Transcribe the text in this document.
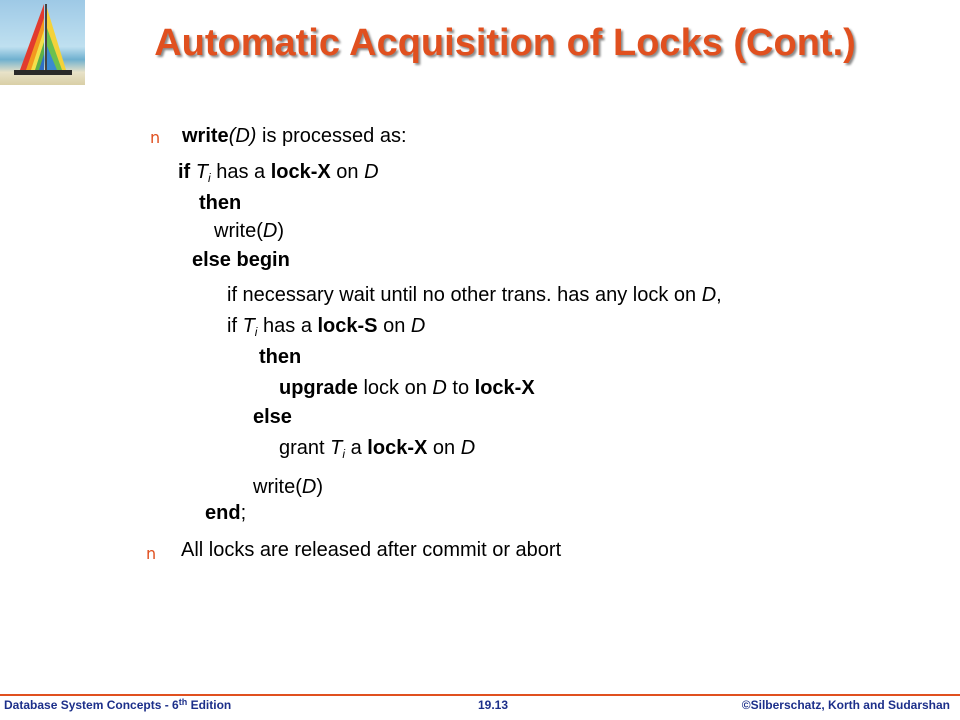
Automatic Acquisition of Locks (Cont.)
n write(D) is processed as:
if $T_i$ has a lock-X on D
then
write(D)
else begin
if necessary wait until no other trans. has any lock on D,
if $T_i$ has a lock-S on D
then
upgrade lock on D to lock-X
else
grant $T_i$ a lock-X on D
write(D)
end;
n All locks are released after commit or abort
Database System Concepts - 6th Edition	19.13	©Silberschatz, Korth and Sudarshan
